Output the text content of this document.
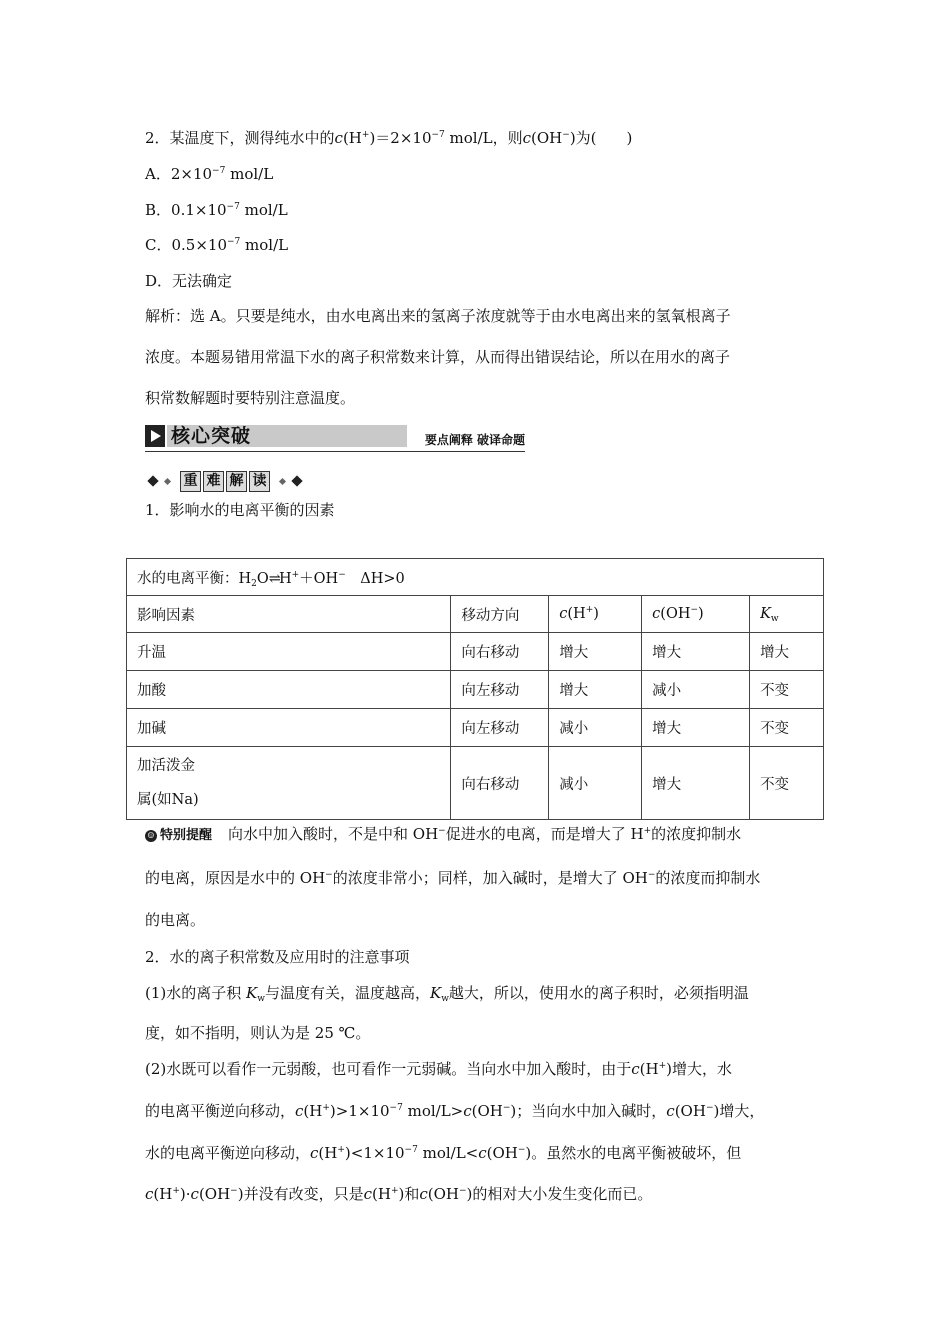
2．某温度下，测得纯水中的$c(H^+)=2\times 10^{-7}$ mol/L，则c(OH−)为(　　)
A．$2\times 10^{-7}$ mol/L
B．$0.1\times 10^{-7}$ mol/L
C．$0.5\times 10^{-7}$ mol/L
D．无法确定
解析：选 A。只要是纯水，由水电离出来的氢离子浓度就等于由水电离出来的氢氧根离子
浓度。本题易错用常温下水的离子积常数来计算，从而得出错误结论，所以在用水的离子
积常数解题时要特别注意温度。
核心突破	要点阐释 破译命题
重 难 解 读
1．影响水的电离平衡的因素
水的电离平衡：$H_2O\rightleftharpoons H^++OH^-$　ΔH>0				
影响因素	移动方向	c(H+)	c(OH−)	$K_w$
升温	向右移动	增大	增大	增大
加酸	向左移动	增大	减小	不变
加碱	向左移动	减小	增大	不变
加活泼金
属(如Na)	向右移动	减小	增大	不变
☺ 特别提醒 向水中加入酸时，不是中和 OH−促进水的电离，而是增大了 H+的浓度抑制水
的电离，原因是水中的 OH−的浓度非常小；同样，加入碱时，是增大了 OH−的浓度而抑制水
的电离。
2．水的离子积常数及应用时的注意事项
(1)水的离子积 $K_w$与温度有关，温度越高，$K_w$越大，所以，使用水的离子积时，必须指明温
度，如不指明，则认为是 25 ℃。
(2)水既可以看作一元弱酸，也可看作一元弱碱。当向水中加入酸时，由于c(H+)增大，水
的电离平衡逆向移动，$c(H^+)>1\times 10^{-7}$ mol/L>c(OH−)；当向水中加入碱时，c(OH−)增大，
水的电离平衡逆向移动，$c(H^+)<1\times 10^{-7}$ mol/L<c(OH−)。虽然水的电离平衡被破坏，但
c(H+)·c(OH−)并没有改变，只是c(H+)和c(OH−)的相对大小发生变化而已。
